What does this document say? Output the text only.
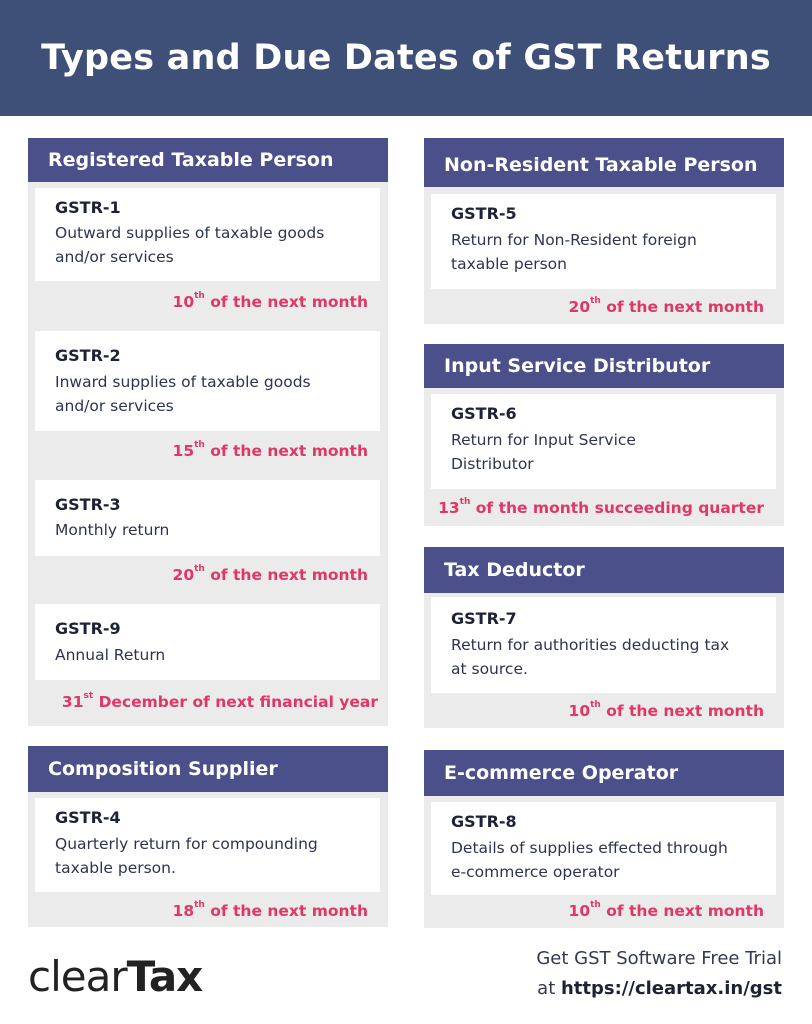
Types and Due Dates of GST Returns
Registered Taxable Person
GSTR-1
Outward supplies of taxable goods and/or services
10th of the next month
GSTR-2
Inward supplies of taxable goods and/or services
15th of the next month
GSTR-3
Monthly return
20th of the next month
GSTR-9
Annual Return
31st December of next financial year
Composition Supplier
GSTR-4
Quarterly return for compounding taxable person.
18th of the next month
Non-Resident Taxable Person
GSTR-5
Return for Non-Resident foreign taxable person
20th of the next month
Input Service Distributor
GSTR-6
Return for Input Service Distributor
13th of the month succeeding quarter
Tax Deductor
GSTR-7
Return for authorities deducting tax at source.
10th of the next month
E-commerce Operator
GSTR-8
Details of supplies effected through e-commerce operator
10th of the next month
clearTax	Get GST Software Free Trial
at https://cleartax.in/gst
